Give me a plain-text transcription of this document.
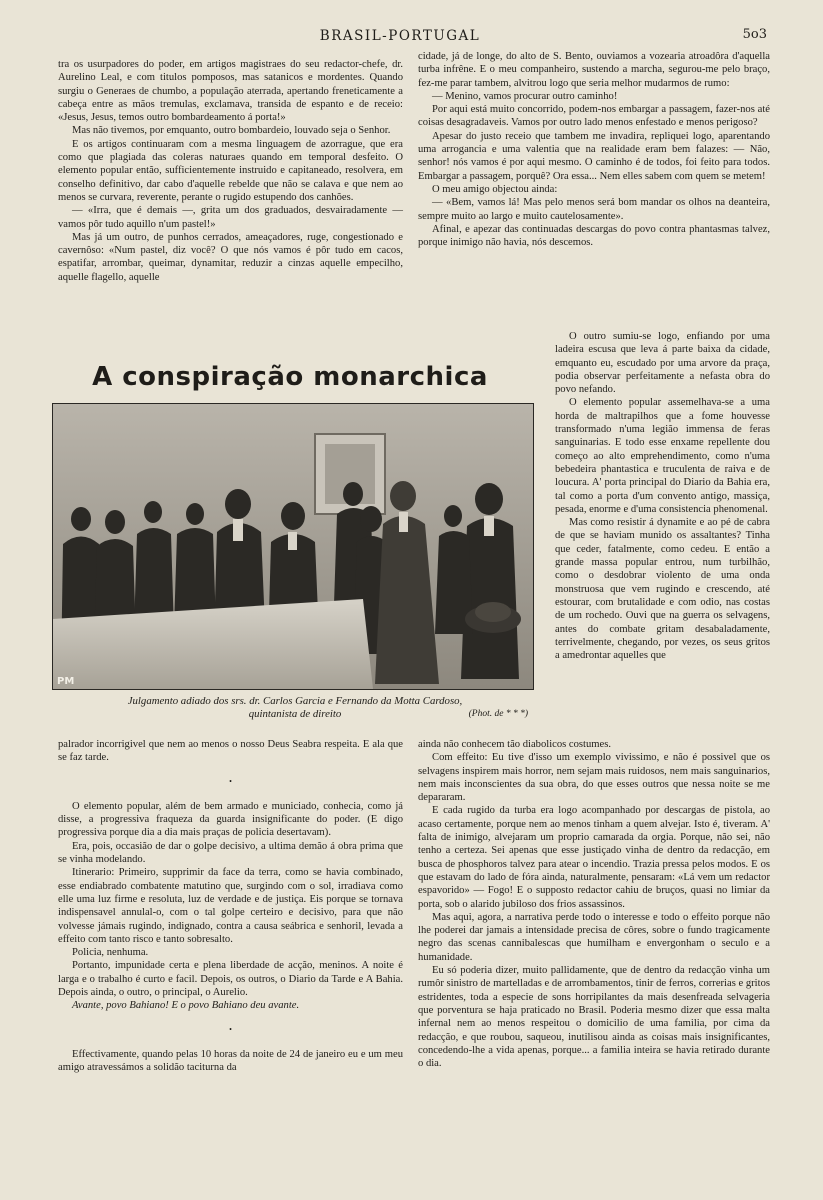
BRASIL-PORTUGAL	5o3

tra os usurpadores do poder, em artigos magistraes do seu redactor-chefe, dr. Aurelino Leal, e com titulos pomposos, mas satanicos e mordentes. Quando surgiu o Generaes de chumbo, a população aterrada, apertando freneticamente a cabeça entre as mãos tremulas, exclamava, transida de espanto e de receio: «Jesus, Jesus, temos outro bombardeamento á porta!»

Mas não tivemos, por emquanto, outro bombardeio, louvado seja o Senhor.

E os artigos continuaram com a mesma linguagem de azorrague, que era como que plagiada das coleras naturaes quando em temporal desfeito. O elemento popular então, sufficientemente instruido e capitaneado, resolvera, em conselho definitivo, dar cabo d'aquelle rebelde que não se calava e que nem ao menos se curvara, reverente, perante o rugido estupendo dos canhões.

— «Irra, que é demais —, grita um dos graduados, desvairadamente — vamos pôr tudo aquillo n'um pastel!»

Mas já um outro, de punhos cerrados, ameaçadores, ruge, congestionado e cavernôso: «Num pastel, diz você? O que nós vamos é pôr tudo em cacos, espatifar, arrombar, queimar, dynamitar, reduzir a cinzas aquelle empecilho, aquelle flagello, aquelle

cidade, já de longe, do alto de S. Bento, ouviamos a vozearia atroadôra d'aquella turba infrêne. E o meu companheiro, sustendo a marcha, segurou-me pelo braço, fez-me parar tambem, alvitrou logo que seria melhor mudarmos de rumo:

— Menino, vamos procurar outro caminho!

Por aqui está muito concorrido, podem-nos embargar a passagem, fazer-nos até coisas desagradaveis. Vamos por outro lado menos enfestado e menos perigoso?

Apesar do justo receio que tambem me invadira, repliquei logo, aparentando uma arrogancia e uma valentia que na realidade eram bem falazes: — Não, senhor! nós vamos é por aqui mesmo. O caminho é de todos, foi feito para todos. Embargar a passagem, porquê? Ora essa... Nem elles sabem com quem se metem!

O meu amigo objectou ainda:

— «Bem, vamos lá! Mas pelo menos será bom mandar os olhos na deanteira, sempre muito ao largo e muito cautelosamente».

Afinal, e apezar das continuadas descargas do povo contra phantasmas talvez, porque inimigo não havia, nós descemos.

A conspiração monarchica
PM
Julgamento adiado dos srs. dr. Carlos Garcia e Fernando da Motta Cardoso,
quintanista de direito	(Phot. de * * *)

O outro sumiu-se logo, enfiando por uma ladeira escusa que leva á parte baixa da cidade, emquanto eu, escudado por uma arvore da praça, podia observar perfeitamente a nefasta obra do povo nefando.

O elemento popular assemelhava-se a uma horda de maltrapilhos que a fome houvesse transformado n'uma legião immensa de feras sanguinarias. E todo esse enxame repellente dou começo ao alto emprehendimento, como n'uma bebedeira phantastica e truculenta de raiva e de loucura. A' porta principal do Diario da Bahia era, tal como a porta d'um convento antigo, massiça, pesada, enorme e d'uma consistencia phenomenal.

Mas como resistir á dynamite e ao pé de cabra de que se haviam munido os assaltantes? Tinha que ceder, fatalmente, como cedeu. E então a grande massa popular entrou, num turbilhão, como o desdobrar violento de uma onda monstruosa que vem rugindo e crescendo, até estourar, com brutalidade e com odio, nas costas de um rochedo. Ouvi que na guerra os selvagens, antes do combate gritam desabaladamente, terrivelmente, chegando, por vezes, os seus gritos a amedrontar aquelles que

palrador incorrigivel que nem ao menos o nosso Deus Seabra respeita. E ala que se faz tarde.

•

O elemento popular, além de bem armado e municiado, conhecia, como já disse, a progressiva fraqueza da guarda insignificante do poder. (E digo progressiva porque dia a dia mais praças de policia desertavam).

Era, pois, occasião de dar o golpe decisivo, a ultima demão á obra prima que se vinha modelando.

Itinerario: Primeiro, supprimir da face da terra, como se havia combinado, esse endiabrado combatente matutino que, surgindo com o sol, irradiava como elle uma luz firme e resoluta, luz de verdade e de justiça. Eis porque se tornava indispensavel annulal-o, com o tal golpe certeiro e decisivo, para que não volvesse jámais rugindo, indignado, contra a causa seábrica e senhoril, levada a effeito com tanto risco e tanto sobresalto.

Policia, nenhuma.

Portanto, impunidade certa e plena liberdade de acção, meninos. A noite é larga e o trabalho é curto e facil. Depois, os outros, o Diario da Tarde e A Bahia. Depois ainda, o outro, o principal, o Aurelio.

Avante, povo Bahiano! E o povo Bahiano deu avante.

•

Effectivamente, quando pelas 10 horas da noite de 24 de janeiro eu e um meu amigo atravessámos a solidão taciturna da

ainda não conhecem tão diabolicos costumes.

Com effeito: Eu tive d'isso um exemplo vivissimo, e não é possivel que os selvagens inspirem mais horror, nem sejam mais ruidosos, nem mais sanguinarios, nem mais inconscientes da sua obra, do que esses outros que nessa noite se me depararam.

E cada rugido da turba era logo acompanhado por descargas de pistola, ao acaso certamente, porque nem ao menos tinham a quem alvejar. Isto é, tiveram. A' falta de inimigo, alvejaram um proprio camarada da orgia. Porque, não sei, não tenho a certeza. Sei apenas que esse justiçado vinha de dentro da redacção, em busca de phosphoros talvez para atear o incendio. Trazia pressa pelos modos. E os que estavam do lado de fóra ainda, naturalmente, pensaram: «Lá vem um redactor espavorido» — Fogo! E o supposto redactor cahiu de bruços, quasi no limiar da porta, sob o alarido jubiloso dos frios assassinos.

Mas aqui, agora, a narrativa perde todo o interesse e todo o effeito porque não lhe poderei dar jamais a intensidade precisa de côres, sobre o fundo tragicamente negro das scenas cannibalescas que humilham e envergonham o seculo e a humanidade.

Eu só poderia dizer, muito pallidamente, que de dentro da redacção vinha um rumôr sinistro de martelladas e de arrombamentos, tinir de ferros, correrias e gritos estridentes, toda a especie de sons horripilantes da mais desenfreada selvageria que porventura se haja praticado no Brasil. Poderia mesmo dizer que essa malta infernal nem ao menos respeitou o domicilio de uma familia, por cima da redacção, e que roubou, saqueou, inutilisou ainda as coisas mais insignificantes, concedendo-lhe a vida apenas, porque... a familia inteira se havia retirado durante o dia.
